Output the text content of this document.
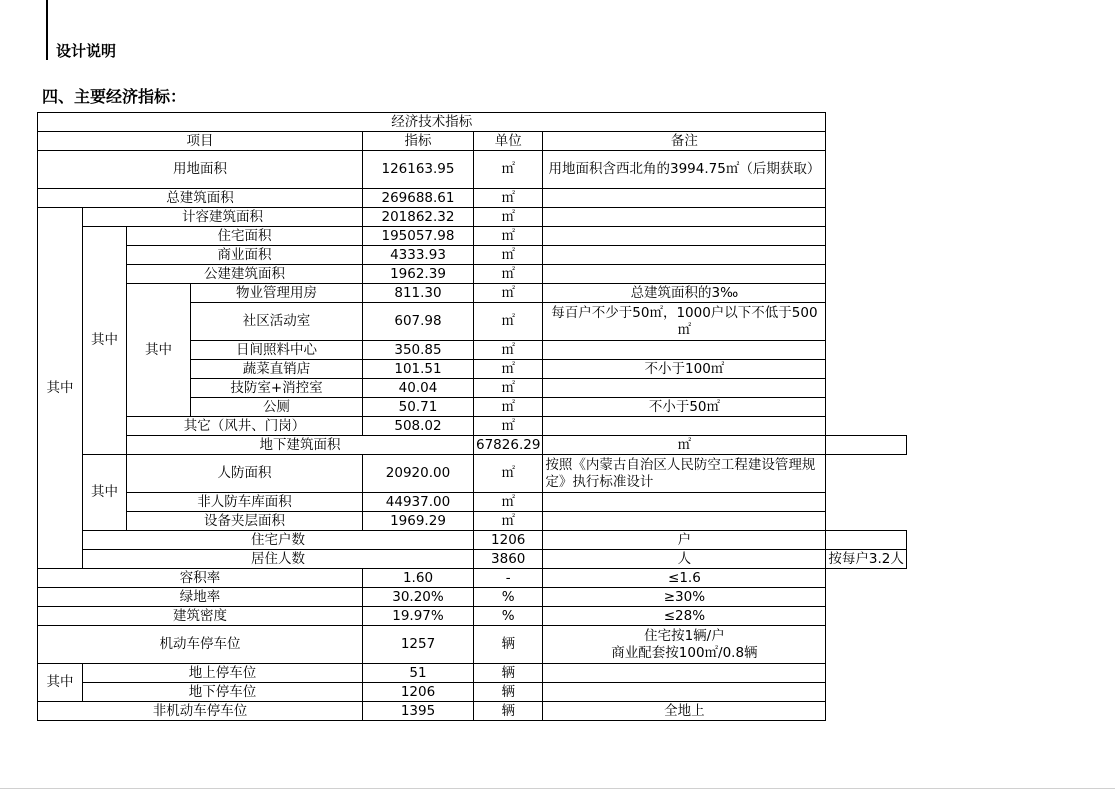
设计说明
四、主要经济指标：
经济技术指标							
项目				指标	单位	备注	
用地面积				126163.95	㎡	用地面积含西北角的3994.75㎡（后期获取）	
总建筑面积				269688.61	㎡		
其中	计容建筑面积			201862.32	㎡		
	其中	住宅面积		195057.98	㎡		
		商业面积		4333.93	㎡		
		公建建筑面积		1962.39	㎡		
		其中	物业管理用房	811.30	㎡	总建筑面积的3‰	
			社区活动室	607.98	㎡	每百户不少于50㎡，1000户以下不低于500㎡	
			日间照料中心	350.85	㎡		
			蔬菜直销店	101.51	㎡	不小于100㎡	
			技防室+消控室	40.04	㎡		
			公厕	50.71	㎡	不小于50㎡	
		其它（风井、门岗）		508.02	㎡		
		地下建筑面积			67826.29	㎡	
	其中	人防面积		20920.00	㎡	按照《内蒙古自治区人民防空工程建设管理规定》执行标准设计	
		非人防车库面积		44937.00	㎡		
		设备夹层面积		1969.29	㎡		
	住宅户数				1206	户	
	居住人数				3860	人	按每户3.2人
容积率				1.60	-	≤1.6	
绿地率				30.20%	%	≥30%	
建筑密度				19.97%	%	≤28%	
机动车停车位				1257	辆	住宅按1辆/户
商业配套按100㎡/0.8辆	

其中	地上停车位			51	辆		
	地下停车位			1206	辆		
非机动车停车位				1395	辆	全地上	
